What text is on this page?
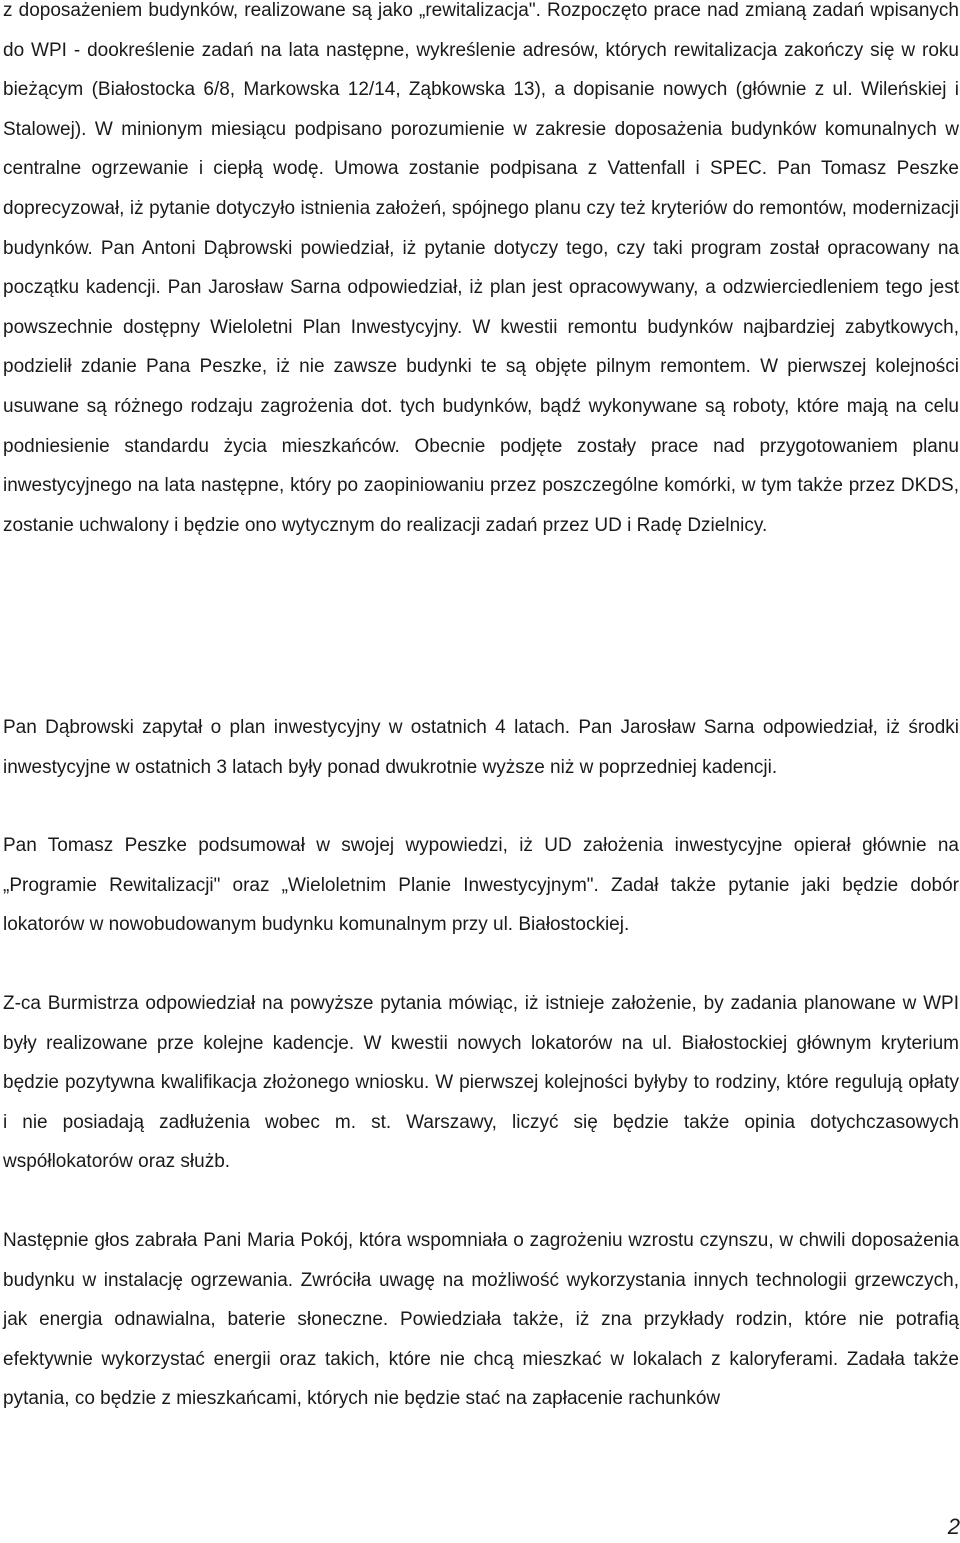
z doposażeniem budynków, realizowane są jako „rewitalizacja". Rozpoczęto prace nad zmianą zadań wpisanych do WPI - dookreślenie zadań na lata następne, wykreślenie adresów, których rewitalizacja zakończy się w roku bieżącym (Białostocka 6/8, Markowska 12/14, Ząbkowska 13), a dopisanie nowych (głównie z ul. Wileńskiej i Stalowej). W minionym miesiącu podpisano porozumienie w zakresie doposażenia budynków komunalnych w centralne ogrzewanie i ciepłą wodę. Umowa zostanie podpisana z Vattenfall i SPEC. Pan Tomasz Peszke doprecyzował, iż pytanie dotyczyło istnienia założeń, spójnego planu czy też kryteriów do remontów, modernizacji budynków. Pan Antoni Dąbrowski powiedział, iż pytanie dotyczy tego, czy taki program został opracowany na początku kadencji. Pan Jarosław Sarna odpowiedział, iż plan jest opracowywany, a odzwierciedleniem tego jest powszechnie dostępny Wieloletni Plan Inwestycyjny. W kwestii remontu budynków najbardziej zabytkowych, podzielił zdanie Pana Peszke, iż nie zawsze budynki te są objęte pilnym remontem. W pierwszej kolejności usuwane są różnego rodzaju zagrożenia dot. tych budynków, bądź wykonywane są roboty, które mają na celu podniesienie standardu życia mieszkańców. Obecnie podjęte zostały prace nad przygotowaniem planu inwestycyjnego na lata następne, który po zaopiniowaniu przez poszczególne komórki, w tym także przez DKDS, zostanie uchwalony i będzie ono wytycznym do realizacji zadań przez UD i Radę Dzielnicy.

Pan Dąbrowski zapytał o plan inwestycyjny w ostatnich 4 latach. Pan Jarosław Sarna odpowiedział, iż środki inwestycyjne w ostatnich 3 latach były ponad dwukrotnie wyższe niż w poprzedniej kadencji.

Pan Tomasz Peszke podsumował w swojej wypowiedzi, iż UD założenia inwestycyjne opierał głównie na „Programie Rewitalizacji" oraz „Wieloletnim Planie Inwestycyjnym". Zadał także pytanie jaki będzie dobór lokatorów w nowobudowanym budynku komunalnym przy ul. Białostockiej.

Z-ca Burmistrza odpowiedział na powyższe pytania mówiąc, iż istnieje założenie, by zadania planowane w WPI były realizowane prze kolejne kadencje. W kwestii nowych lokatorów na ul. Białostockiej głównym kryterium będzie pozytywna kwalifikacja złożonego wniosku. W pierwszej kolejności byłyby to rodziny, które regulują opłaty i nie posiadają zadłużenia wobec m. st. Warszawy, liczyć się będzie także opinia dotychczasowych współlokatorów oraz służb.

Następnie głos zabrała Pani Maria Pokój, która wspomniała o zagrożeniu wzrostu czynszu, w chwili doposażenia budynku w instalację ogrzewania. Zwróciła uwagę na możliwość wykorzystania innych technologii grzewczych, jak energia odnawialna, baterie słoneczne. Powiedziała także, iż zna przykłady rodzin, które nie potrafią efektywnie wykorzystać energii oraz takich, które nie chcą mieszkać w lokalach z kaloryferami. Zadała także pytania, co będzie z mieszkańcami, których nie będzie stać na zapłacenie rachunków

2
